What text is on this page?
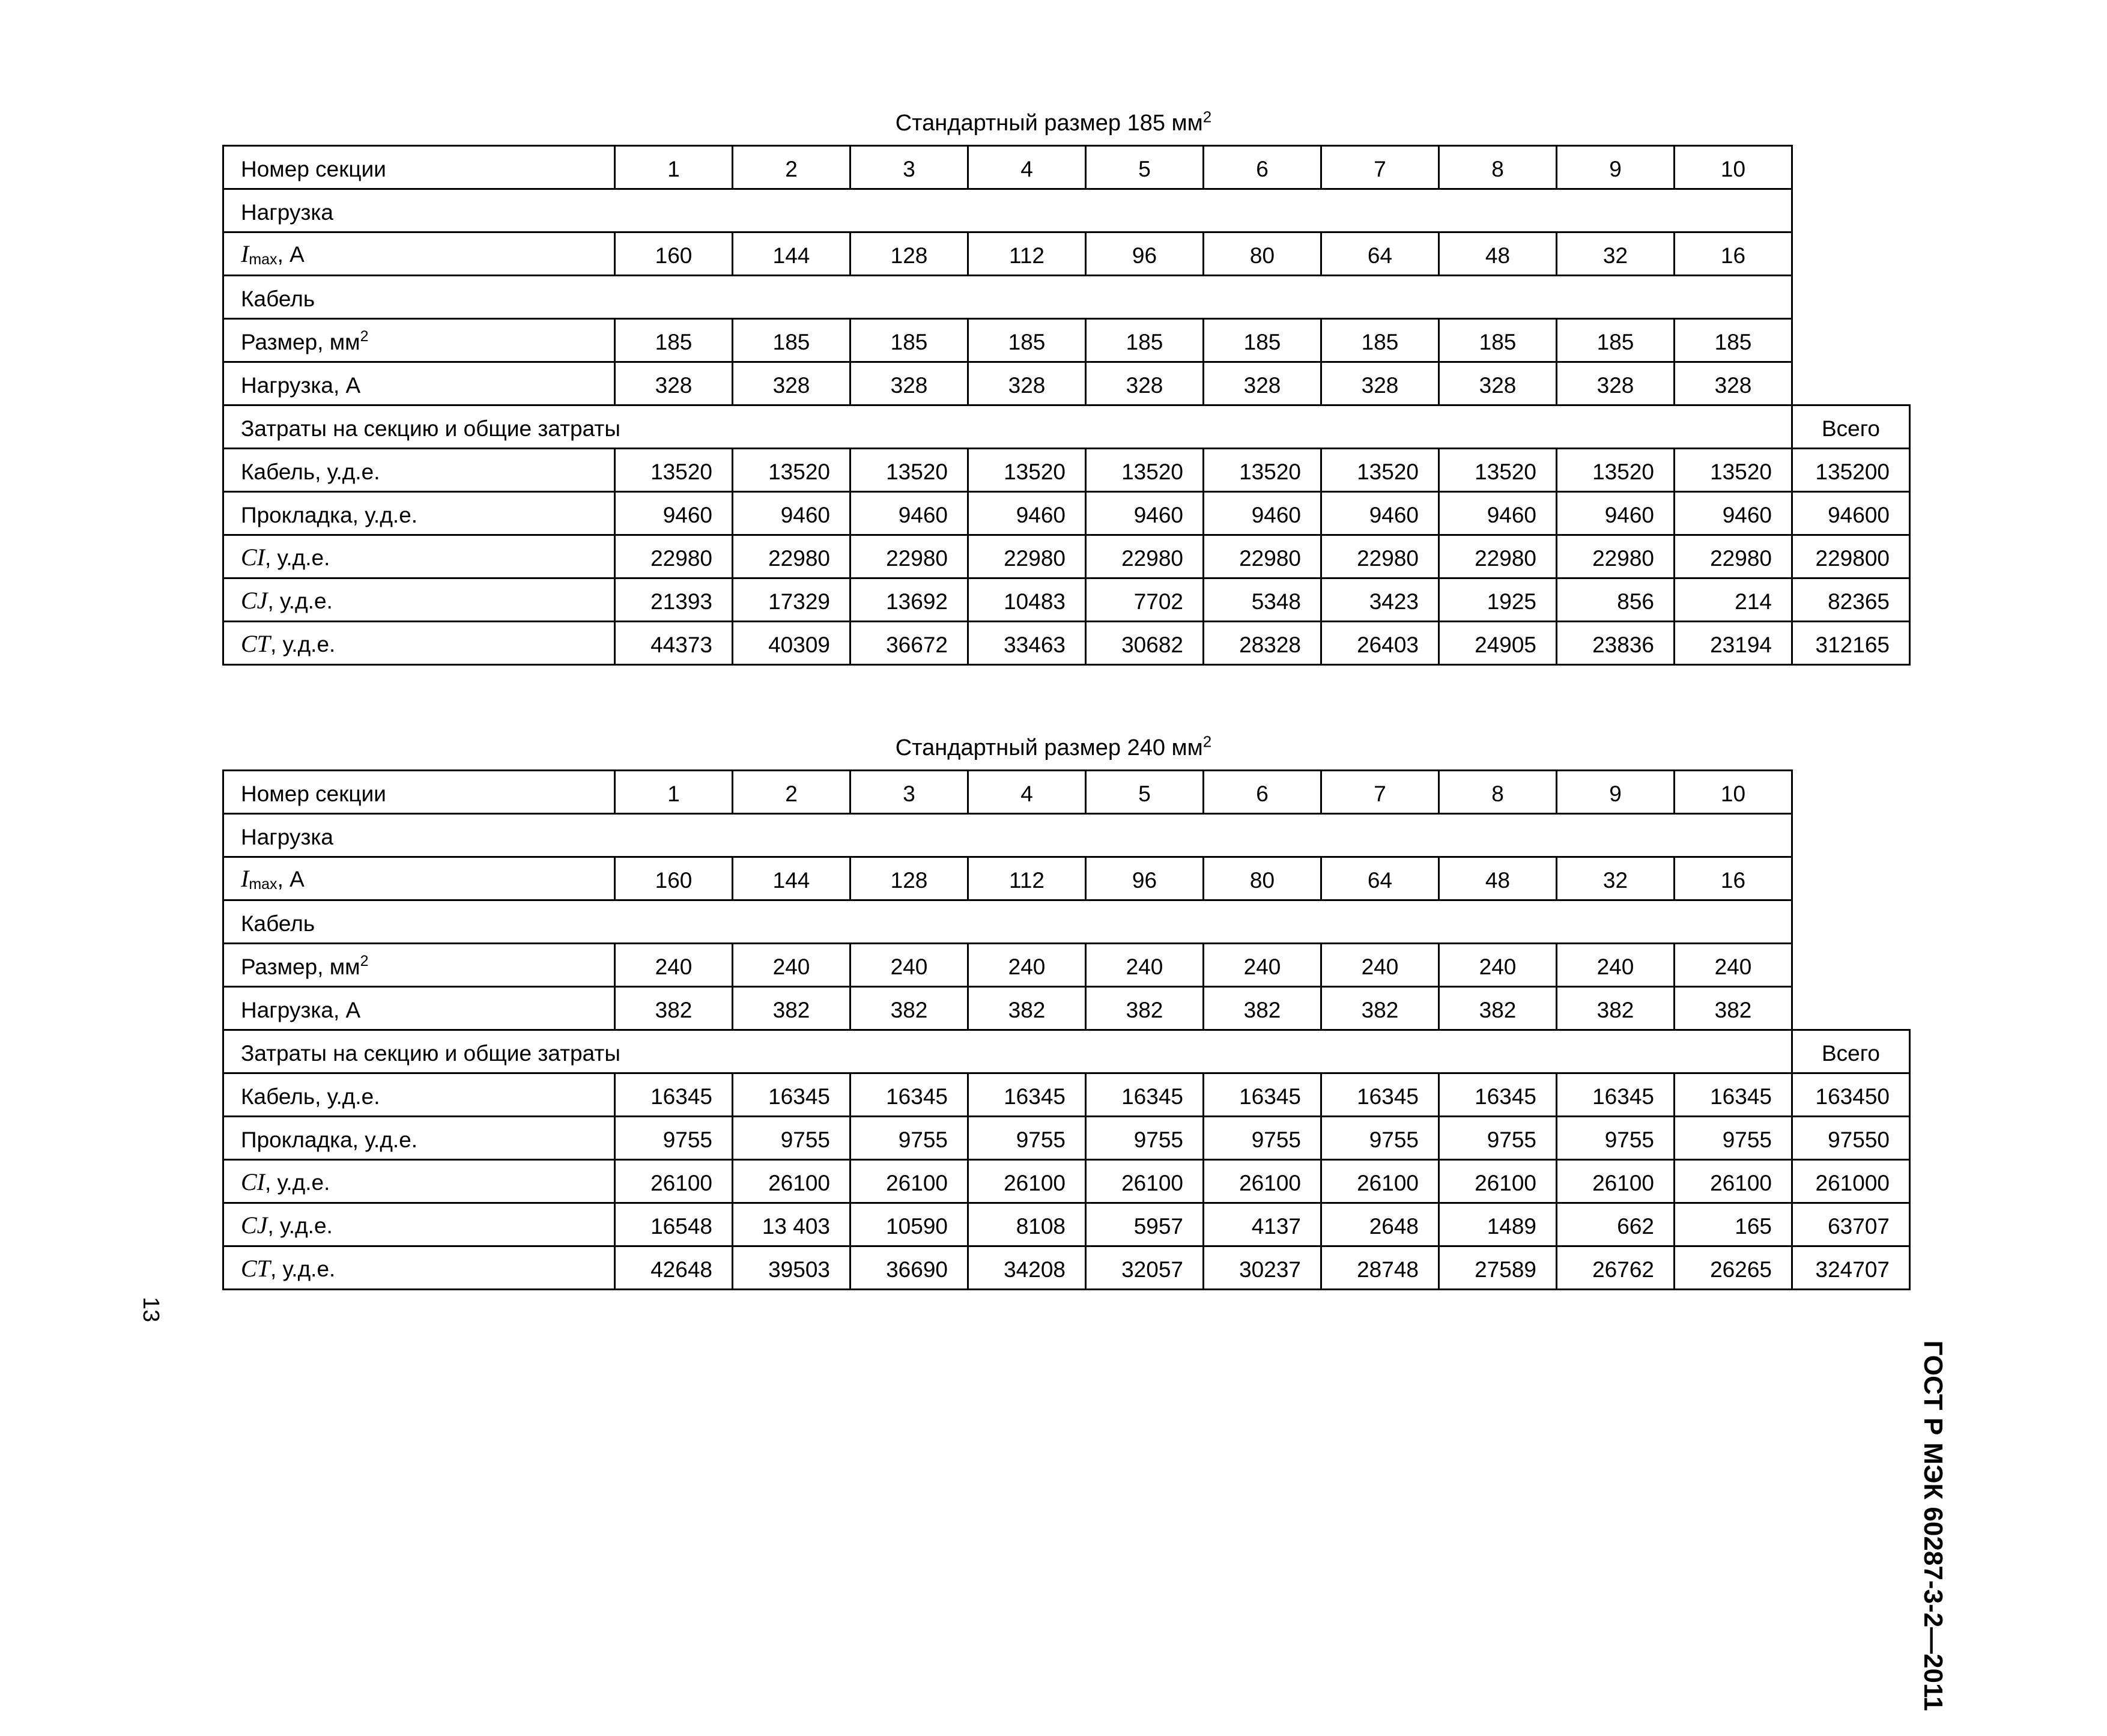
Стандартный размер 185 $мм^2$
Номер секции	1	2	3	4	5	6	7	8	9	10	
Нагрузка											
Imax, А	160	144	128	112	96	80	64	48	32	16	
Кабель											
Размер, $мм^2$	185	185	185	185	185	185	185	185	185	185	
Нагрузка, А	328	328	328	328	328	328	328	328	328	328	
Затраты на секцию и общие затраты											Всего
Кабель, у.д.е.	13520	13520	13520	13520	13520	13520	13520	13520	13520	13520	135200
Прокладка, у.д.е.	9460	9460	9460	9460	9460	9460	9460	9460	9460	9460	94600
CI, у.д.е.	22980	22980	22980	22980	22980	22980	22980	22980	22980	22980	229800
CJ, у.д.е.	21393	17329	13692	10483	7702	5348	3423	1925	856	214	82365
CT, у.д.е.	44373	40309	36672	33463	30682	28328	26403	24905	23836	23194	312165
Стандартный размер 240 $мм^2$
Номер секции	1	2	3	4	5	6	7	8	9	10	
Нагрузка											
Imax, А	160	144	128	112	96	80	64	48	32	16	
Кабель											
Размер, $мм^2$	240	240	240	240	240	240	240	240	240	240	
Нагрузка, А	382	382	382	382	382	382	382	382	382	382	
Затраты на секцию и общие затраты											Всего
Кабель, у.д.е.	16345	16345	16345	16345	16345	16345	16345	16345	16345	16345	163450
Прокладка, у.д.е.	9755	9755	9755	9755	9755	9755	9755	9755	9755	9755	97550
CI, у.д.е.	26100	26100	26100	26100	26100	26100	26100	26100	26100	26100	261000
CJ, у.д.е.	16548	13 403	10590	8108	5957	4137	2648	1489	662	165	63707
CT, у.д.е.	42648	39503	36690	34208	32057	30237	28748	27589	26762	26265	324707
ГОСТ Р МЭК 60287-3-2—2011
13
